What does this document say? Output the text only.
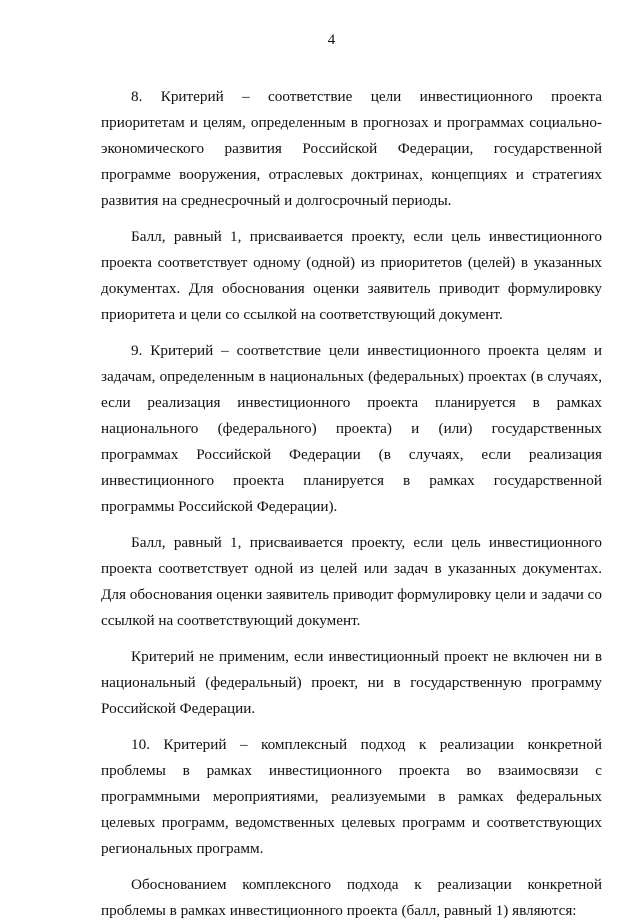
4

8. Критерий – соответствие цели инвестиционного проекта приоритетам и целям, определенным в прогнозах и программах социально-экономического развития Российской Федерации, государственной программе вооружения, отраслевых доктринах, концепциях и стратегиях развития на среднесрочный и долгосрочный периоды.

Балл, равный 1, присваивается проекту, если цель инвестиционного проекта соответствует одному (одной) из приоритетов (целей) в указанных документах. Для обоснования оценки заявитель приводит формулировку приоритета и цели со ссылкой на соответствующий документ.

9. Критерий – соответствие цели инвестиционного проекта целям и задачам, определенным в национальных (федеральных) проектах (в случаях, если реализация инвестиционного проекта планируется в рамках национального (федерального) проекта) и (или) государственных программах Российской Федерации (в случаях, если реализация инвестиционного проекта планируется в рамках государственной программы Российской Федерации).

Балл, равный 1, присваивается проекту, если цель инвестиционного проекта соответствует одной из целей или задач в указанных документах. Для обоснования оценки заявитель приводит формулировку цели и задачи со ссылкой на соответствующий документ.

Критерий не применим, если инвестиционный проект не включен ни в национальный (федеральный) проект, ни в государственную программу Российской Федерации.

10. Критерий – комплексный подход к реализации конкретной проблемы в рамках инвестиционного проекта во взаимосвязи с программными мероприятиями, реализуемыми в рамках федеральных целевых программ, ведомственных целевых программ и соответствующих региональных программ.

Обоснованием комплексного подхода к реализации конкретной проблемы в рамках инвестиционного проекта (балл, равный 1) являются:
